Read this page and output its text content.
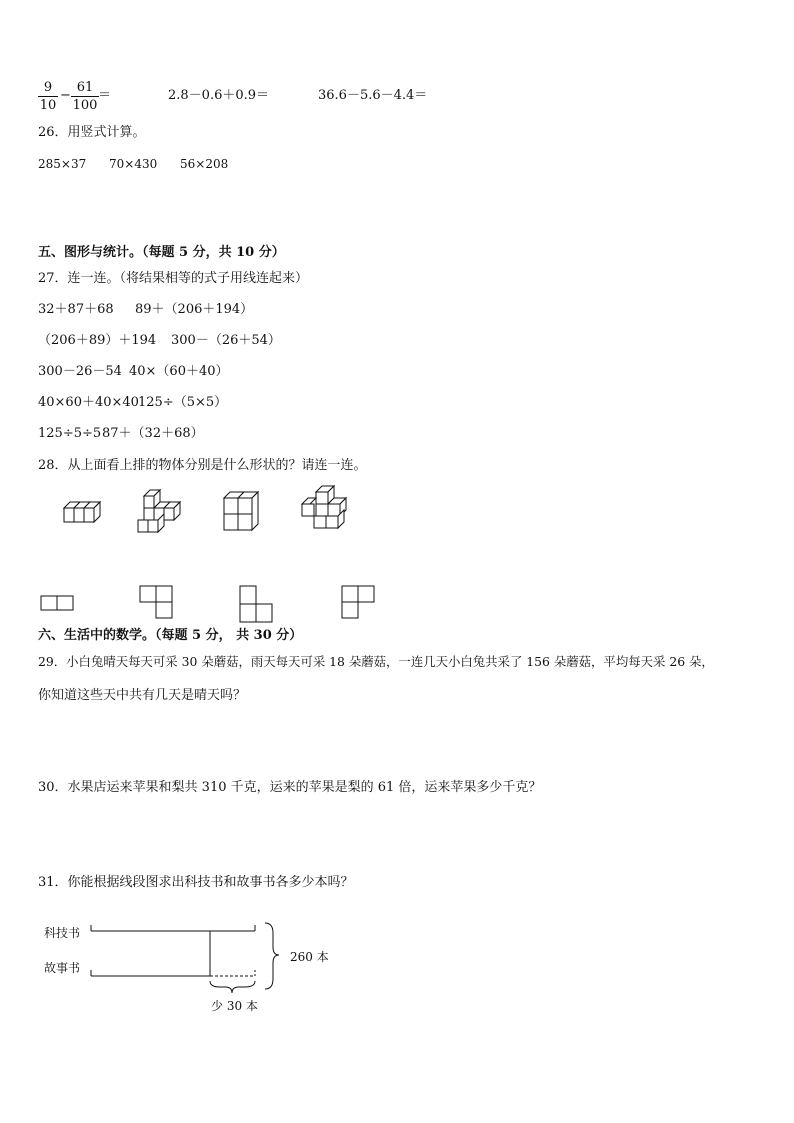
9
10
−
61
100
＝	2.8－0.6＋0.9＝	36.6－5.6－4.4＝
26．用竖式计算。
285×37 70×430 56×208
五、图形与统计。（每题 5 分，共 10 分）
27．连一连。（将结果相等的式子用线连起来）
32＋87＋68 89＋（206＋194）
（206＋89）＋194 300－（26＋54）
300－26－54 40×（60＋40）
40×60＋40×40 125÷（5×5）
125÷5÷5 87＋（32＋68）
28．从上面看上排的物体分别是什么形状的？请连一连。
六、生活中的数学。（每题 5 分， 共 30 分）
29．小白兔晴天每天可采 30 朵蘑菇，雨天每天可采 18 朵蘑菇，一连几天小白兔共采了 156 朵蘑菇，平均每天采 26 朵，
你知道这些天中共有几天是晴天吗？
30．水果店运来苹果和梨共 310 千克，运来的苹果是梨的 61 倍，运来苹果多少千克？
31．你能根据线段图求出科技书和故事书各多少本吗？
科技书
故事书
260 本
少 30 本
